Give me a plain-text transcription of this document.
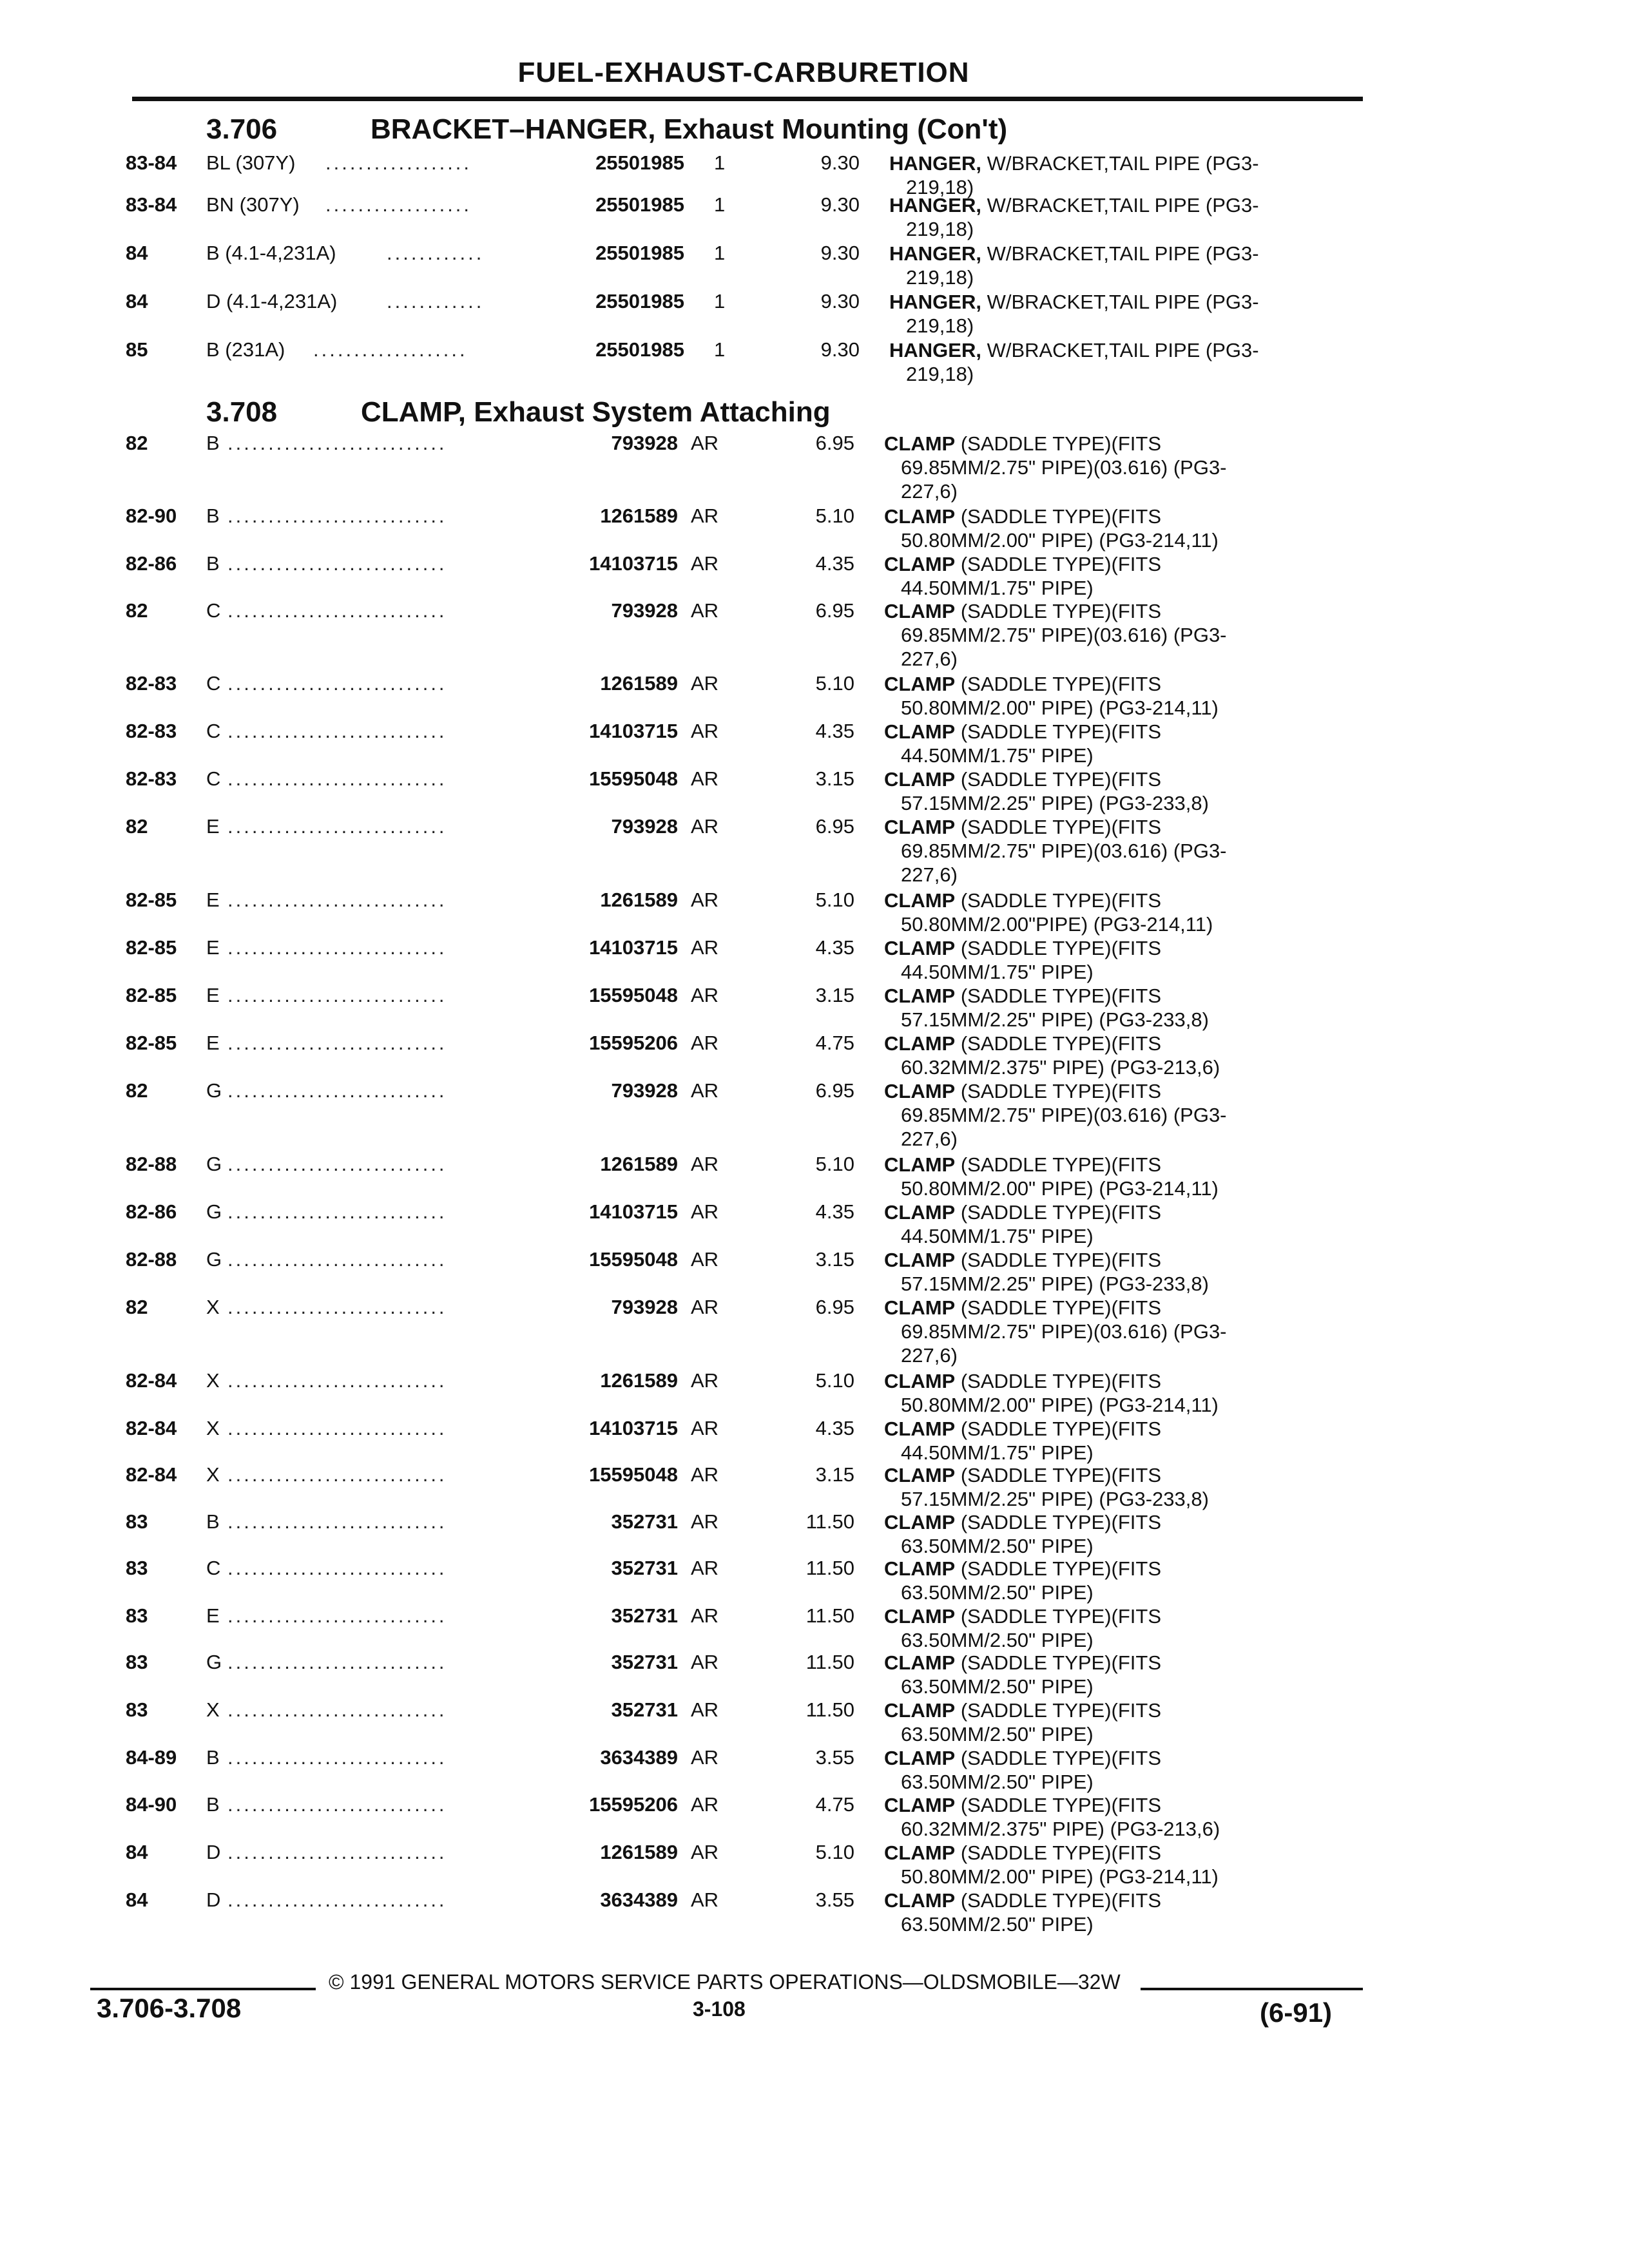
FUEL-EXHAUST-CARBURETION
3.706	BRACKET–HANGER, Exhaust Mounting (Con't)
83-84 BL (307Y) ..................	25501985 1	9.30 HANGER, W/BRACKET,TAIL PIPE (PG3-
219,18)
83-84 BN (307Y) ..................	25501985 1	9.30 HANGER, W/BRACKET,TAIL PIPE (PG3-
219,18)
84	B (4.1-4,231A)	............	25501985 1	9.30 HANGER, W/BRACKET,TAIL PIPE (PG3-
219,18)
84	D (4.1-4,231A) ............	25501985 1	9.30 HANGER, W/BRACKET,TAIL PIPE (PG3-
219,18)
85	B (231A) ...................	25501985 1	9.30 HANGER, W/BRACKET,TAIL PIPE (PG3-
219,18)
3.708	CLAMP, Exhaust System Attaching
82	B ...........................	793928 AR	6.95 CLAMP (SADDLE TYPE)(FITS
69.85MM/2.75" PIPE)(03.616) (PG3-
227,6)
82-90 B ...........................	1261589 AR	5.10 CLAMP (SADDLE TYPE)(FITS
50.80MM/2.00" PIPE) (PG3-214,11)
82-86 B ...........................	14103715 AR	4.35 CLAMP (SADDLE TYPE)(FITS
44.50MM/1.75" PIPE)
82	C ...........................	793928 AR	6.95 CLAMP (SADDLE TYPE)(FITS
69.85MM/2.75" PIPE)(03.616) (PG3-
227,6)
82-83 C ...........................	1261589 AR	5.10 CLAMP (SADDLE TYPE)(FITS
50.80MM/2.00" PIPE) (PG3-214,11)
82-83 C ...........................	14103715 AR	4.35 CLAMP (SADDLE TYPE)(FITS
44.50MM/1.75" PIPE)
82-83 C ...........................	15595048 AR	3.15 CLAMP (SADDLE TYPE)(FITS
57.15MM/2.25" PIPE) (PG3-233,8)
82	E ...........................	793928 AR	6.95 CLAMP (SADDLE TYPE)(FITS
69.85MM/2.75" PIPE)(03.616) (PG3-
227,6)
82-85 E ...........................	1261589 AR	5.10 CLAMP (SADDLE TYPE)(FITS
50.80MM/2.00"PIPE) (PG3-214,11)
82-85 E ...........................	14103715 AR	4.35 CLAMP (SADDLE TYPE)(FITS
44.50MM/1.75" PIPE)
82-85 E ...........................	15595048 AR	3.15 CLAMP (SADDLE TYPE)(FITS
57.15MM/2.25" PIPE) (PG3-233,8)
82-85 E ...........................	15595206 AR	4.75 CLAMP (SADDLE TYPE)(FITS
60.32MM/2.375" PIPE) (PG3-213,6)
82	G ...........................	793928 AR	6.95 CLAMP (SADDLE TYPE)(FITS
69.85MM/2.75" PIPE)(03.616) (PG3-
227,6)
82-88 G ...........................	1261589 AR	5.10 CLAMP (SADDLE TYPE)(FITS
50.80MM/2.00" PIPE) (PG3-214,11)
82-86 G ...........................	14103715 AR	4.35 CLAMP (SADDLE TYPE)(FITS
44.50MM/1.75" PIPE)
82-88 G ...........................	15595048 AR	3.15 CLAMP (SADDLE TYPE)(FITS
57.15MM/2.25" PIPE) (PG3-233,8)
82	X ...........................	793928 AR	6.95 CLAMP (SADDLE TYPE)(FITS
69.85MM/2.75" PIPE)(03.616) (PG3-
227,6)
82-84 X ...........................	1261589 AR	5.10 CLAMP (SADDLE TYPE)(FITS
50.80MM/2.00" PIPE) (PG3-214,11)
82-84 X ...........................	14103715 AR	4.35 CLAMP (SADDLE TYPE)(FITS
44.50MM/1.75" PIPE)
82-84 X ...........................	15595048 AR	3.15 CLAMP (SADDLE TYPE)(FITS
57.15MM/2.25" PIPE) (PG3-233,8)
83	B ...........................	352731 AR	11.50 CLAMP (SADDLE TYPE)(FITS
63.50MM/2.50" PIPE)
83	C ...........................	352731 AR	11.50 CLAMP (SADDLE TYPE)(FITS
63.50MM/2.50" PIPE)
83	E ...........................	352731 AR	11.50 CLAMP (SADDLE TYPE)(FITS
63.50MM/2.50" PIPE)
83	G ...........................	352731 AR	11.50 CLAMP (SADDLE TYPE)(FITS
63.50MM/2.50" PIPE)
83	X ...........................	352731 AR	11.50 CLAMP (SADDLE TYPE)(FITS
63.50MM/2.50" PIPE)
84-89 B ...........................	3634389 AR	3.55 CLAMP (SADDLE TYPE)(FITS
63.50MM/2.50" PIPE)
84-90 B ...........................	15595206 AR	4.75 CLAMP (SADDLE TYPE)(FITS
60.32MM/2.375" PIPE) (PG3-213,6)
84	D ...........................	1261589 AR	5.10 CLAMP (SADDLE TYPE)(FITS
50.80MM/2.00" PIPE) (PG3-214,11)
84	D ...........................	3634389 AR	3.55 CLAMP (SADDLE TYPE)(FITS
63.50MM/2.50" PIPE)
© 1991 GENERAL MOTORS SERVICE PARTS OPERATIONS—OLDSMOBILE—32W
3.706-3.708	3-108	(6-91)
